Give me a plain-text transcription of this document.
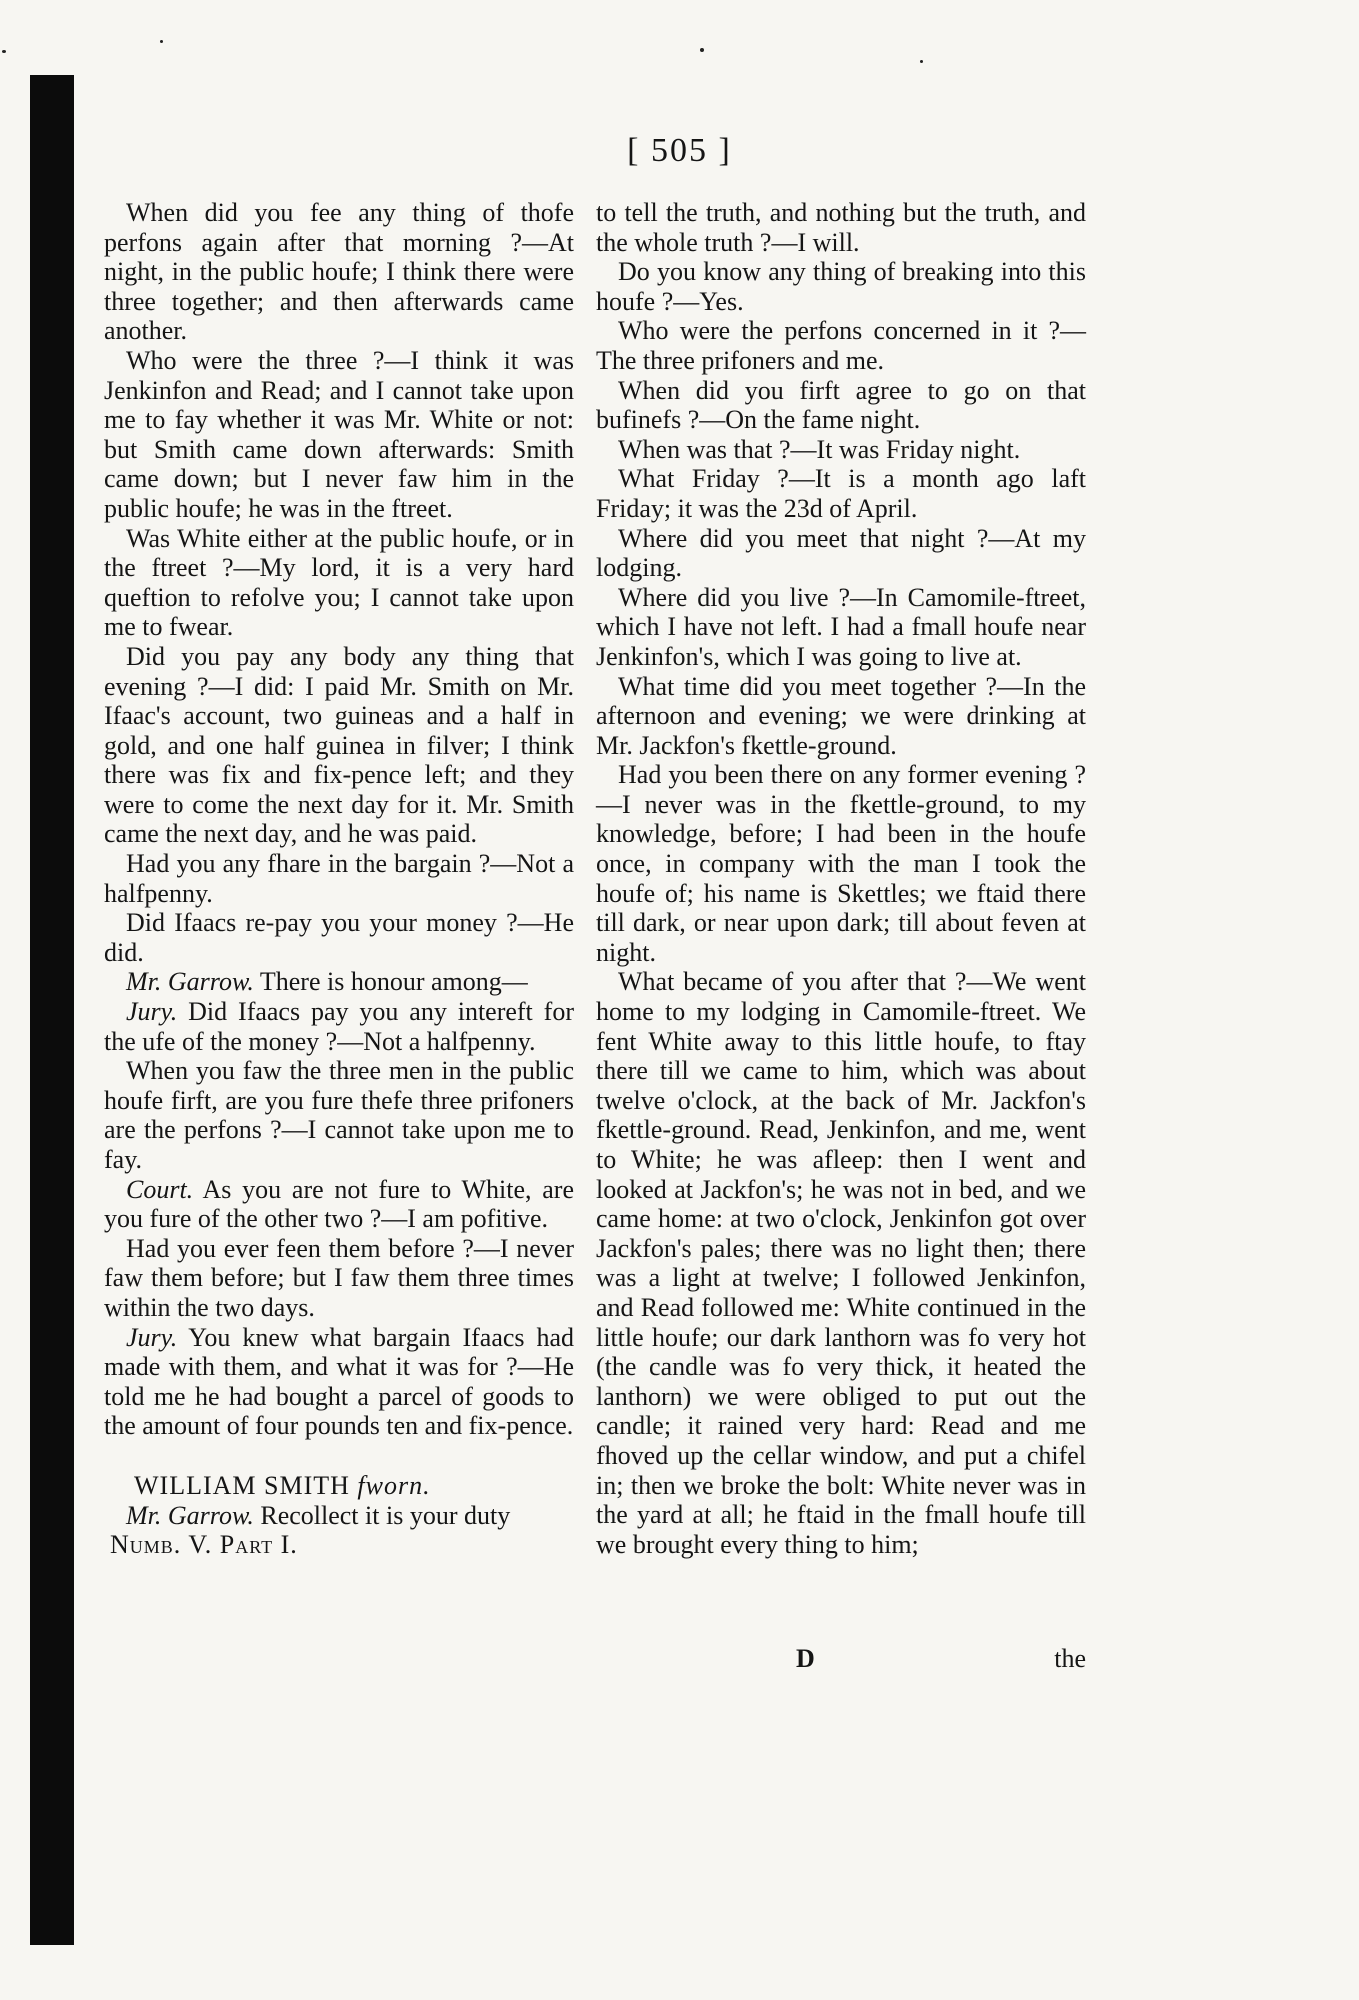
[ 505 ]

When did you fee any thing of thofe perfons again after that morning ?—At night, in the public houfe; I think there were three together; and then afterwards came another.

Who were the three ?—I think it was Jenkinfon and Read; and I cannot take upon me to fay whether it was Mr. White or not: but Smith came down afterwards: Smith came down; but I never faw him in the public houfe; he was in the ftreet.

Was White either at the public houfe, or in the ftreet ?—My lord, it is a very hard queftion to refolve you; I cannot take upon me to fwear.

Did you pay any body any thing that evening ?—I did: I paid Mr. Smith on Mr. Ifaac's account, two guineas and a half in gold, and one half guinea in filver; I think there was fix and fix-pence left; and they were to come the next day for it. Mr. Smith came the next day, and he was paid.

Had you any fhare in the bargain ?—Not a halfpenny.

Did Ifaacs re-pay you your money ?—He did.

Mr. Garrow. There is honour among—

Jury. Did Ifaacs pay you any intereft for the ufe of the money ?—Not a halfpenny.

When you faw the three men in the public houfe firft, are you fure thefe three prifoners are the perfons ?—I cannot take upon me to fay.

Court. As you are not fure to White, are you fure of the other two ?—I am pofitive.

Had you ever feen them before ?—I never faw them before; but I faw them three times within the two days.

Jury. You knew what bargain Ifaacs had made with them, and what it was for ?—He told me he had bought a parcel of goods to the amount of four pounds ten and fix-pence.

WILLIAM SMITH fworn.

Mr. Garrow. Recollect it is your duty

Numb. V. Part I.

to tell the truth, and nothing but the truth, and the whole truth ?—I will.

Do you know any thing of breaking into this houfe ?—Yes.

Who were the perfons concerned in it ?—The three prifoners and me.

When did you firft agree to go on that bufinefs ?—On the fame night.

When was that ?—It was Friday night.

What Friday ?—It is a month ago laft Friday; it was the 23d of April.

Where did you meet that night ?—At my lodging.

Where did you live ?—In Camomile-ftreet, which I have not left. I had a fmall houfe near Jenkinfon's, which I was going to live at.

What time did you meet together ?—In the afternoon and evening; we were drinking at Mr. Jackfon's fkettle-ground.

Had you been there on any former evening ?—I never was in the fkettle-ground, to my knowledge, before; I had been in the houfe once, in company with the man I took the houfe of; his name is Skettles; we ftaid there till dark, or near upon dark; till about feven at night.

What became of you after that ?—We went home to my lodging in Camomile-ftreet. We fent White away to this little houfe, to ftay there till we came to him, which was about twelve o'clock, at the back of Mr. Jackfon's fkettle-ground. Read, Jenkinfon, and me, went to White; he was afleep: then I went and looked at Jackfon's; he was not in bed, and we came home: at two o'clock, Jenkinfon got over Jackfon's pales; there was no light then; there was a light at twelve; I followed Jenkinfon, and Read followed me: White continued in the little houfe; our dark lanthorn was fo very hot (the candle was fo very thick, it heated the lanthorn) we were obliged to put out the candle; it rained very hard: Read and me fhoved up the cellar window, and put a chifel in; then we broke the bolt: White never was in the yard at all; he ftaid in the fmall houfe till we brought every thing to him;

D	the
